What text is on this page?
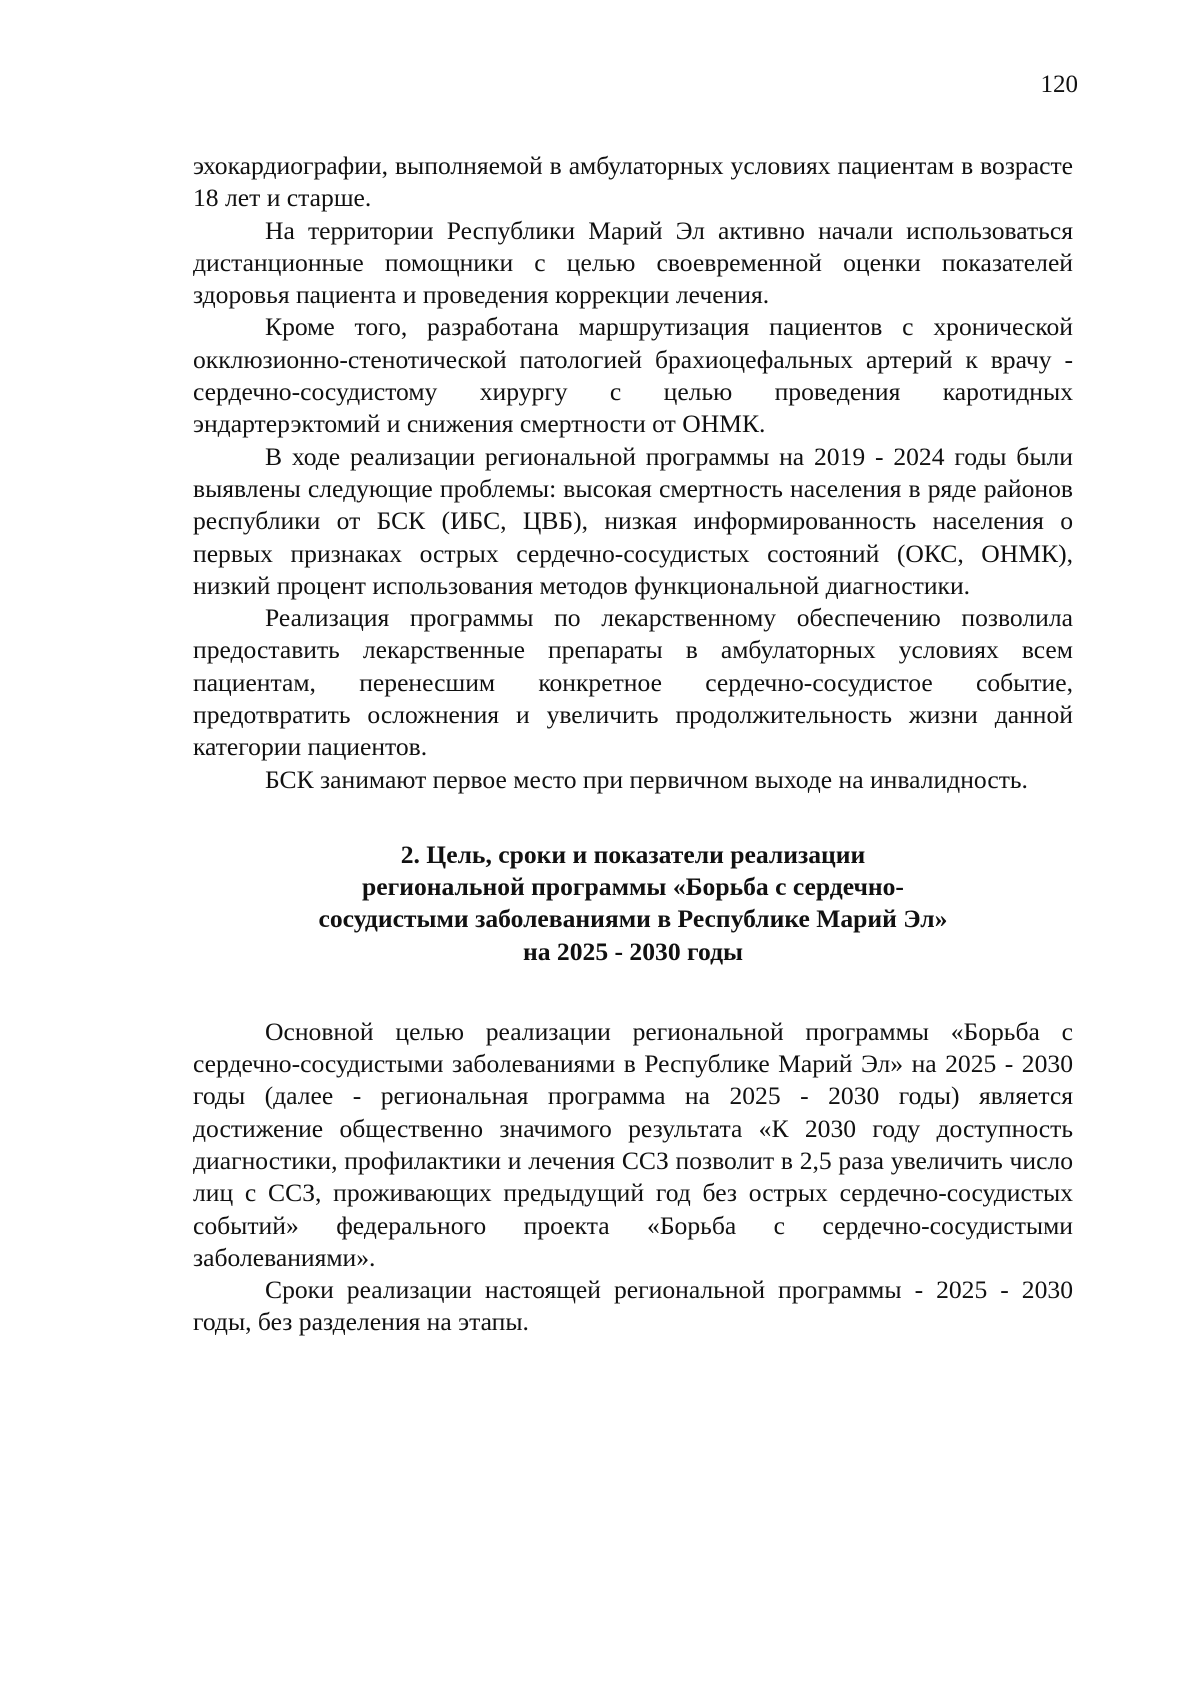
120

эхокардиографии, выполняемой в амбулаторных условиях пациентам в возрасте 18 лет и старше.

На территории Республики Марий Эл активно начали использоваться дистанционные помощники с целью своевременной оценки показателей здоровья пациента и проведения коррекции лечения.

Кроме того, разработана маршрутизация пациентов с хронической окклюзионно-стенотической патологией брахиоцефальных артерий к врачу - сердечно-сосудистому хирургу с целью проведения каротидных эндартерэктомий и снижения смертности от ОНМК.

В ходе реализации региональной программы на 2019 - 2024 годы были выявлены следующие проблемы: высокая смертность населения в ряде районов республики от БСК (ИБС, ЦВБ), низкая информированность населения о первых признаках острых сердечно-сосудистых состояний (ОКС, ОНМК), низкий процент использования методов функциональной диагностики.

Реализация программы по лекарственному обеспечению позволила предоставить лекарственные препараты в амбулаторных условиях всем пациентам, перенесшим конкретное сердечно-сосудистое событие, предотвратить осложнения и увеличить продолжительность жизни данной категории пациентов.

БСК занимают первое место при первичном выходе на инвалидность.

2. Цель, сроки и показатели реализации
региональной программы «Борьба с сердечно-
сосудистыми заболеваниями в Республике Марий Эл»
на 2025 - 2030 годы

Основной целью реализации региональной программы «Борьба с сердечно-сосудистыми заболеваниями в Республике Марий Эл» на 2025 - 2030 годы (далее - региональная программа на 2025 - 2030 годы) является достижение общественно значимого результата «К 2030 году доступность диагностики, профилактики и лечения ССЗ позволит в 2,5 раза увеличить число лиц с ССЗ, проживающих предыдущий год без острых сердечно-сосудистых событий» федерального проекта «Борьба с сердечно-сосудистыми заболеваниями».

Сроки реализации настоящей региональной программы - 2025 - 2030 годы, без разделения на этапы.
